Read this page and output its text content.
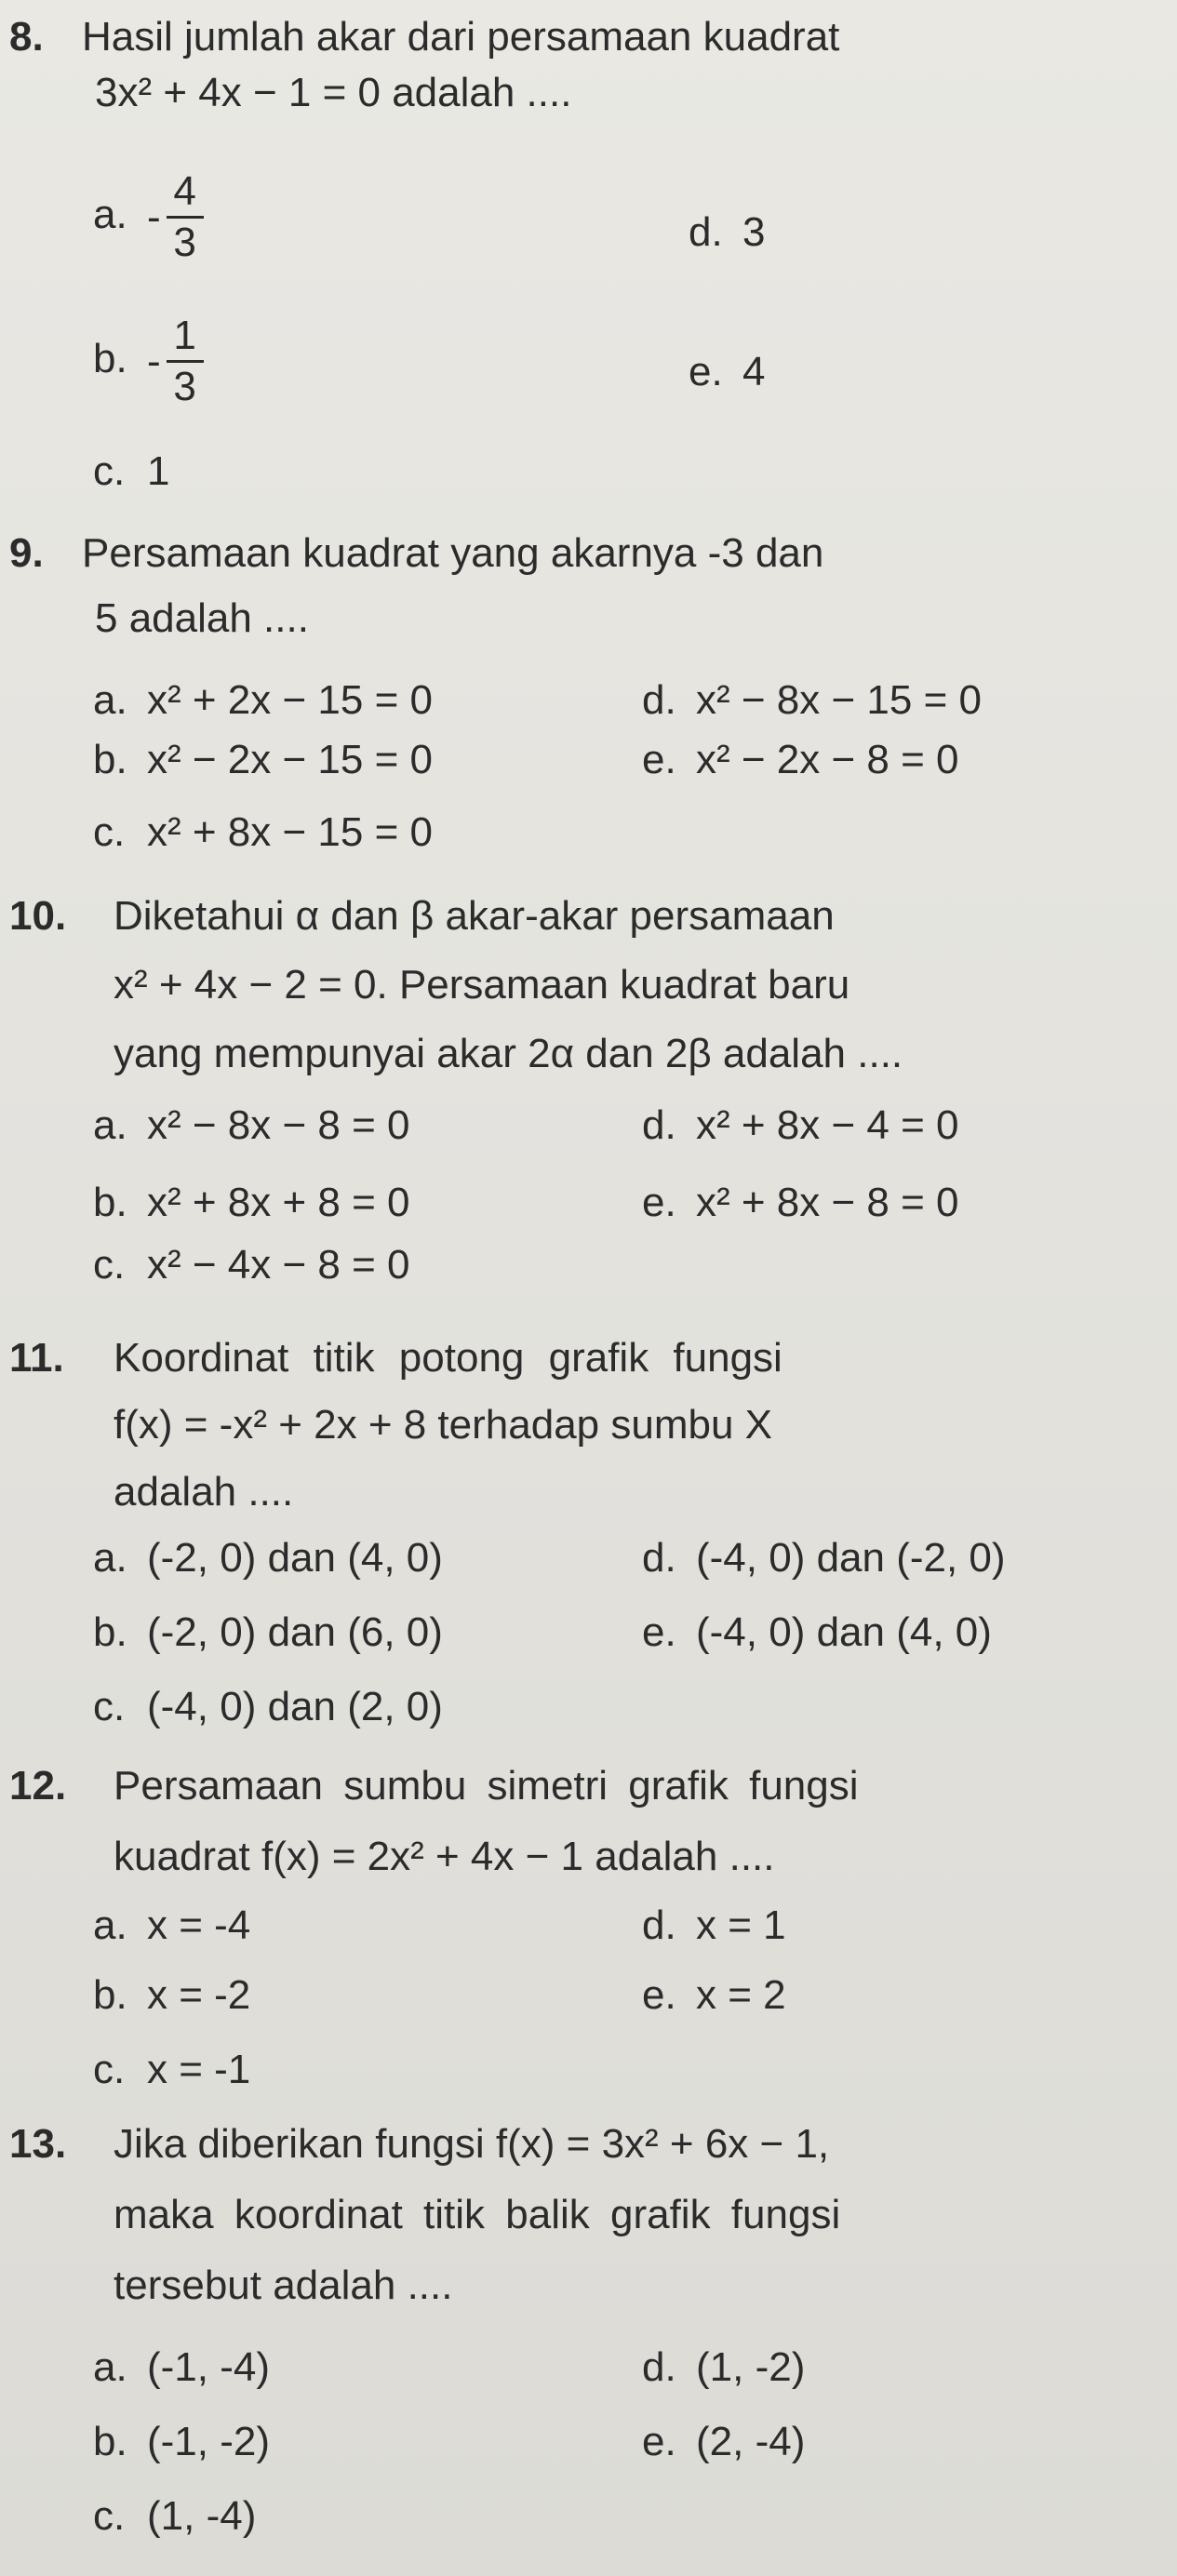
8. Hasil jumlah akar dari persamaan kuadrat
3x² + 4x − 1 = 0 adalah ....
a. - $\frac{4}{3}$	d. 3
b. - $\frac{1}{3}$	e. 4
c. 1
9. Persamaan kuadrat yang akarnya -3 dan
5 adalah ....
a. x² + 2x − 15 = 0	d. x² − 8x − 15 = 0
b. x² − 2x − 15 = 0	e. x² − 2x − 8 = 0
c. x² + 8x − 15 = 0
10. Diketahui α dan β akar-akar persamaan
x² + 4x − 2 = 0. Persamaan kuadrat baru
yang mempunyai akar 2α dan 2β adalah ....
a. x² − 8x − 8 = 0	d. x² + 8x − 4 = 0
b. x² + 8x + 8 = 0	e. x² + 8x − 8 = 0
c. x² − 4x − 8 = 0
11. Koordinat titik potong grafik fungsi
f(x) = -x² + 2x + 8 terhadap sumbu X
adalah ....
a. (-2, 0) dan (4, 0)	d. (-4, 0) dan (-2, 0)
b. (-2, 0) dan (6, 0)	e. (-4, 0) dan (4, 0)
c. (-4, 0) dan (2, 0)
12. Persamaan sumbu simetri grafik fungsi
kuadrat f(x) = 2x² + 4x − 1 adalah ....
a. x = -4	d. x = 1
b. x = -2	e. x = 2
c. x = -1
13. Jika diberikan fungsi f(x) = 3x² + 6x − 1,
maka koordinat titik balik grafik fungsi
tersebut adalah ....
a. (-1, -4)	d. (1, -2)
b. (-1, -2)	e. (2, -4)
c. (1, -4)
